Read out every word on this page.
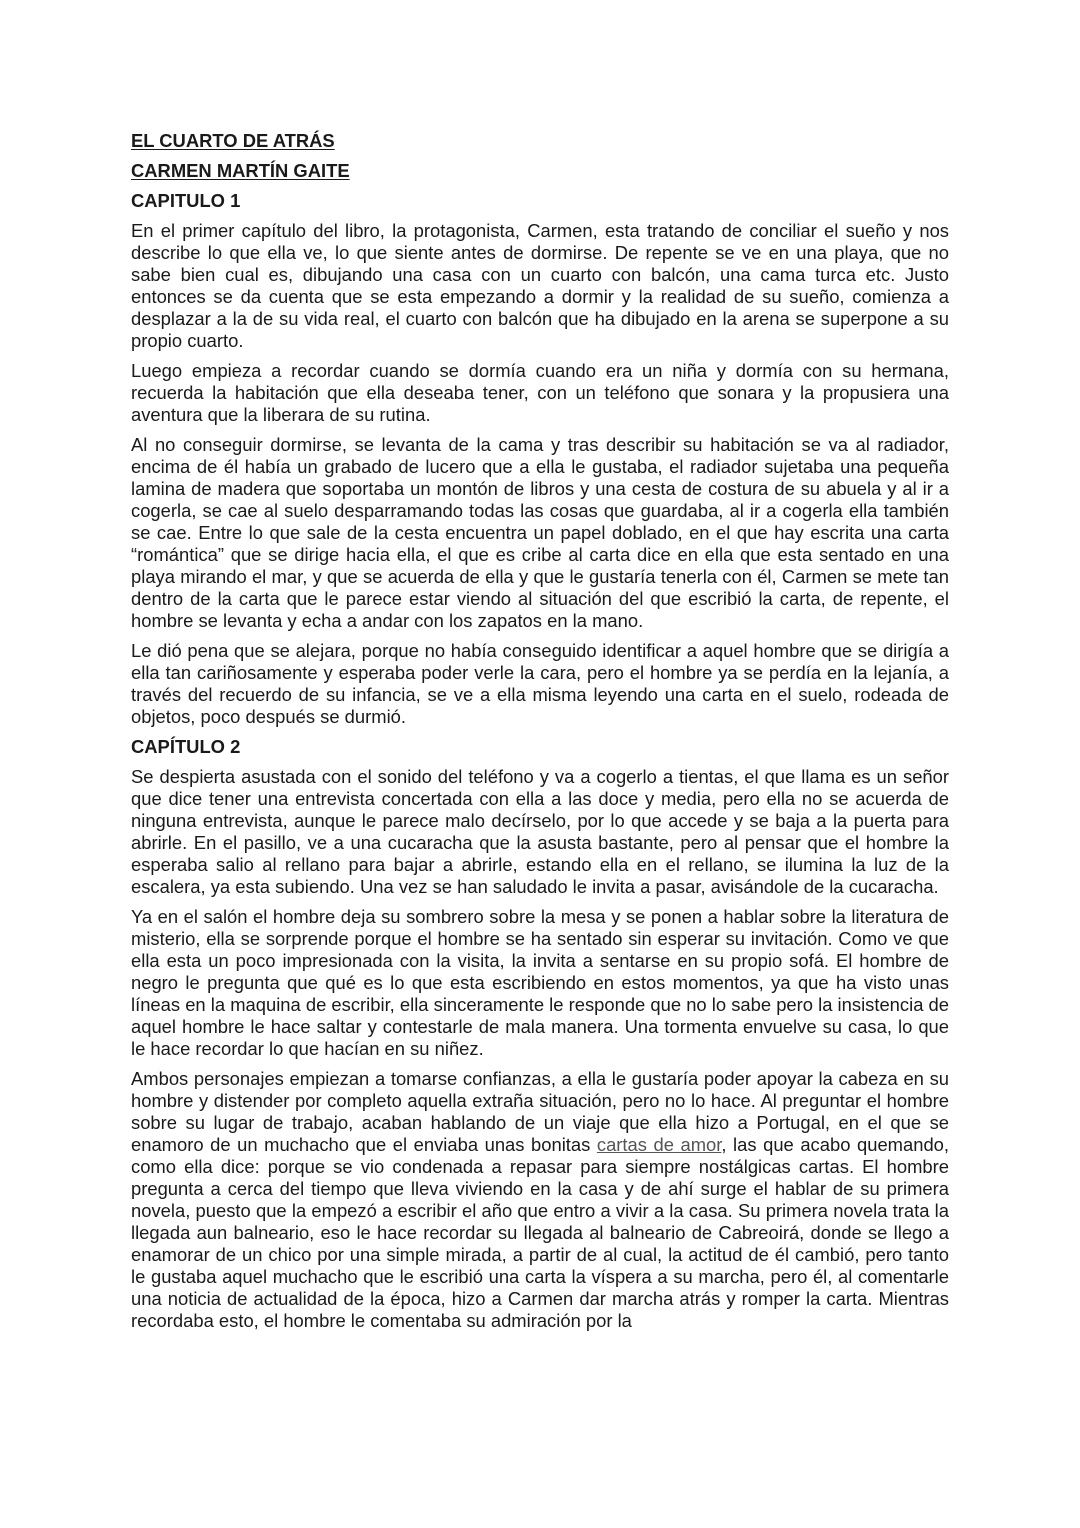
EL CUARTO DE ATRÁS
CARMEN MARTÍN GAITE
CAPITULO 1

En el primer capítulo del libro, la protagonista, Carmen, esta tratando de conciliar el sueño y nos describe lo que ella ve, lo que siente antes de dormirse. De repente se ve en una playa, que no sabe bien cual es, dibujando una casa con un cuarto con balcón, una cama turca etc. Justo entonces se da cuenta que se esta empezando a dormir y la realidad de su sueño, comienza a desplazar a la de su vida real, el cuarto con balcón que ha dibujado en la arena se superpone a su propio cuarto.

Luego empieza a recordar cuando se dormía cuando era un niña y dormía con su hermana, recuerda la habitación que ella deseaba tener, con un teléfono que sonara y la propusiera una aventura que la liberara de su rutina.

Al no conseguir dormirse, se levanta de la cama y tras describir su habitación se va al radiador, encima de él había un grabado de lucero que a ella le gustaba, el radiador sujetaba una pequeña lamina de madera que soportaba un montón de libros y una cesta de costura de su abuela y al ir a cogerla, se cae al suelo desparramando todas las cosas que guardaba, al ir a cogerla ella también se cae. Entre lo que sale de la cesta encuentra un papel doblado, en el que hay escrita una carta “romántica” que se dirige hacia ella, el que es cribe al carta dice en ella que esta sentado en una playa mirando el mar, y que se acuerda de ella y que le gustaría tenerla con él, Carmen se mete tan dentro de la carta que le parece estar viendo al situación del que escribió la carta, de repente, el hombre se levanta y echa a andar con los zapatos en la mano.

Le dió pena que se alejara, porque no había conseguido identificar a aquel hombre que se dirigía a ella tan cariñosamente y esperaba poder verle la cara, pero el hombre ya se perdía en la lejanía, a través del recuerdo de su infancia, se ve a ella misma leyendo una carta en el suelo, rodeada de objetos, poco después se durmió.

CAPÍTULO 2

Se despierta asustada con el sonido del teléfono y va a cogerlo a tientas, el que llama es un señor que dice tener una entrevista concertada con ella a las doce y media, pero ella no se acuerda de ninguna entrevista, aunque le parece malo decírselo, por lo que accede y se baja a la puerta para abrirle. En el pasillo, ve a una cucaracha que la asusta bastante, pero al pensar que el hombre la esperaba salio al rellano para bajar a abrirle, estando ella en el rellano, se ilumina la luz de la escalera, ya esta subiendo. Una vez se han saludado le invita a pasar, avisándole de la cucaracha.

Ya en el salón el hombre deja su sombrero sobre la mesa y se ponen a hablar sobre la literatura de misterio, ella se sorprende porque el hombre se ha sentado sin esperar su invitación. Como ve que ella esta un poco impresionada con la visita, la invita a sentarse en su propio sofá. El hombre de negro le pregunta que qué es lo que esta escribiendo en estos momentos, ya que ha visto unas líneas en la maquina de escribir, ella sinceramente le responde que no lo sabe pero la insistencia de aquel hombre le hace saltar y contestarle de mala manera. Una tormenta envuelve su casa, lo que le hace recordar lo que hacían en su niñez.

Ambos personajes empiezan a tomarse confianzas, a ella le gustaría poder apoyar la cabeza en su hombre y distender por completo aquella extraña situación, pero no lo hace. Al preguntar el hombre sobre su lugar de trabajo, acaban hablando de un viaje que ella hizo a Portugal, en el que se enamoro de un muchacho que el enviaba unas bonitas cartas de amor, las que acabo quemando, como ella dice: porque se vio condenada a repasar para siempre nostálgicas cartas. El hombre pregunta a cerca del tiempo que lleva viviendo en la casa y de ahí surge el hablar de su primera novela, puesto que la empezó a escribir el año que entro a vivir a la casa. Su primera novela trata la llegada aun balneario, eso le hace recordar su llegada al balneario de Cabreoirá, donde se llego a enamorar de un chico por una simple mirada, a partir de al cual, la actitud de él cambió, pero tanto le gustaba aquel muchacho que le escribió una carta la víspera a su marcha, pero él, al comentarle una noticia de actualidad de la época, hizo a Carmen dar marcha atrás y romper la carta. Mientras recordaba esto, el hombre le comentaba su admiración por la
